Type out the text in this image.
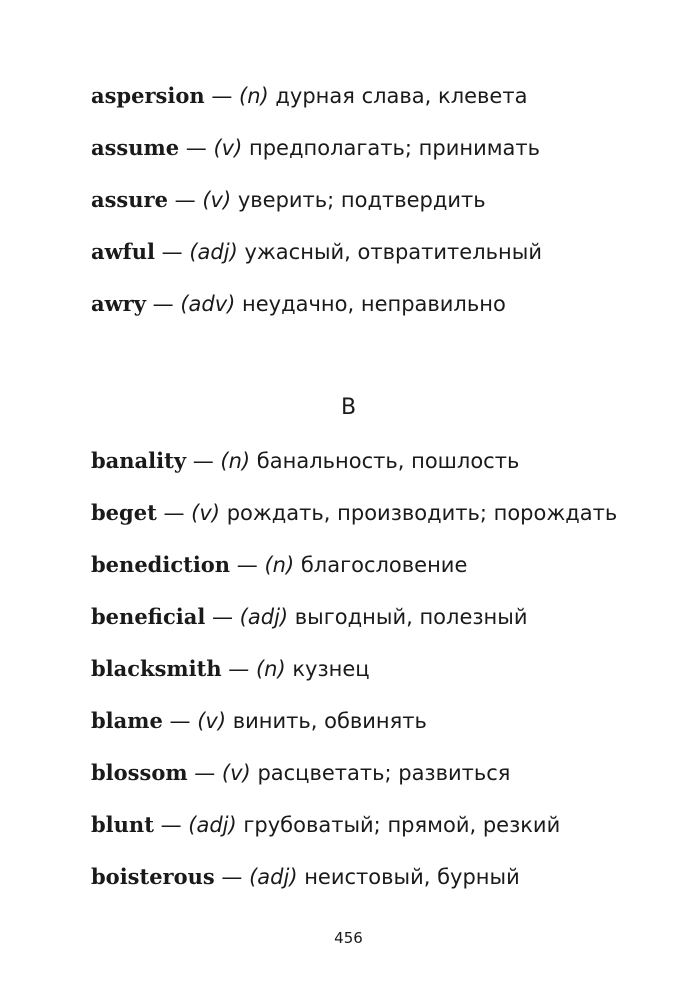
aspersion — (n) дурная слава, клевета
assume — (v) предполагать; принимать
assure — (v) уверить; подтвердить
awful — (adj) ужасный, отвратительный
awry — (adv) неудачно, неправильно
B
banality — (n) банальность, пошлость
beget — (v) рождать, производить; порождать
benediction — (n) благословение
beneficial — (adj) выгодный, полезный
blacksmith — (n) кузнец
blame — (v) винить, обвинять
blossom — (v) расцветать; развиться
blunt — (adj) грубоватый; прямой, резкий
boisterous — (adj) неистовый, бурный
456
